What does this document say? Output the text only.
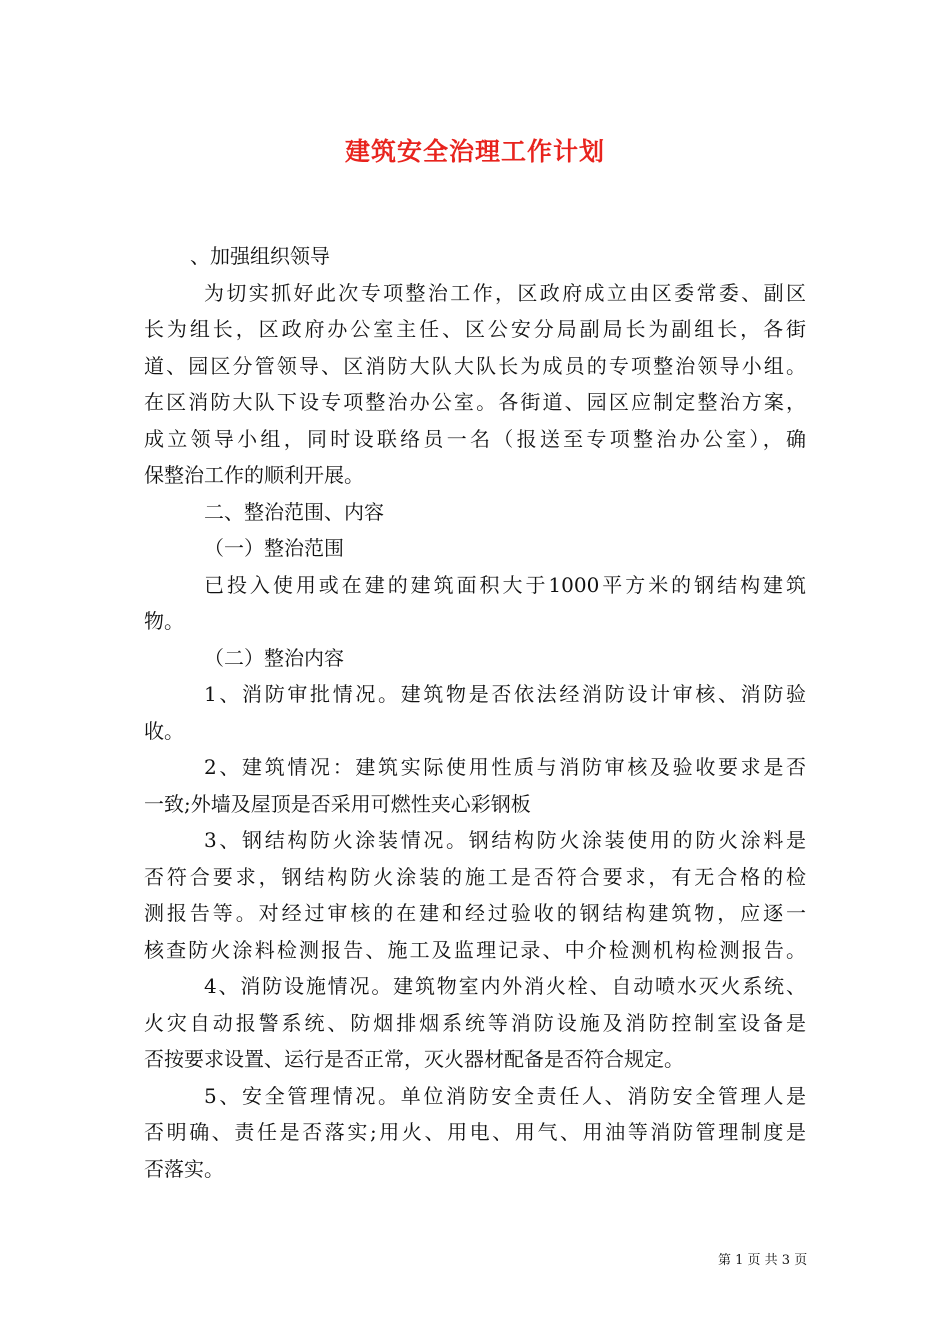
建筑安全治理工作计划
、加强组织领导
为切实抓好此次专项整治工作，区政府成立由区委常委、副区
长为组长，区政府办公室主任、区公安分局副局长为副组长，各街
道、园区分管领导、区消防大队大队长为成员的专项整治领导小组。
在区消防大队下设专项整治办公室。各街道、园区应制定整治方案，
成立领导小组，同时设联络员一名（报送至专项整治办公室），确
保整治工作的顺利开展。
二、整治范围、内容
（一）整治范围
已投入使用或在建的建筑面积大于1000平方米的钢结构建筑
物。
（二）整治内容
1、消防审批情况。建筑物是否依法经消防设计审核、消防验
收。
2、建筑情况：建筑实际使用性质与消防审核及验收要求是否
一致;外墙及屋顶是否采用可燃性夹心彩钢板
3、钢结构防火涂装情况。钢结构防火涂装使用的防火涂料是
否符合要求，钢结构防火涂装的施工是否符合要求，有无合格的检
测报告等。对经过审核的在建和经过验收的钢结构建筑物，应逐一
核查防火涂料检测报告、施工及监理记录、中介检测机构检测报告。
4、消防设施情况。建筑物室内外消火栓、自动喷水灭火系统、
火灾自动报警系统、防烟排烟系统等消防设施及消防控制室设备是
否按要求设置、运行是否正常，灭火器材配备是否符合规定。
5、安全管理情况。单位消防安全责任人、消防安全管理人是
否明确、责任是否落实;用火、用电、用气、用油等消防管理制度是
否落实。
第 1 页 共 3 页
